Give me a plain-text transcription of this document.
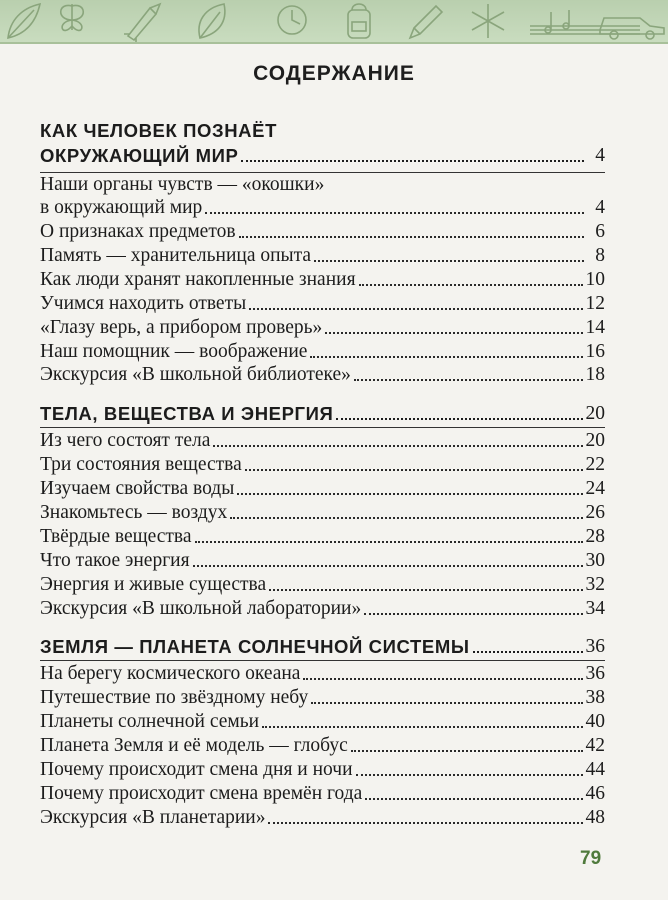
СОДЕРЖАНИЕ
КАК ЧЕЛОВЕК ПОЗНАЁТ
ОКРУЖАЮЩИЙ МИР	4
Наши органы чувств — «окошки»
в окружающий мир	4
О признаках предметов	6
Память — хранительница опыта	8
Как люди хранят накопленные знания	10
Учимся находить ответы	12
«Глазу верь, а прибором проверь»	14
Наш помощник — воображение	16
Экскурсия «В школьной библиотеке»	18
ТЕЛА, ВЕЩЕСТВА И ЭНЕРГИЯ	20
Из чего состоят тела	20
Три состояния вещества	22
Изучаем свойства воды	24
Знакомьтесь — воздух	26
Твёрдые вещества	28
Что такое энергия	30
Энергия и живые существа	32
Экскурсия «В школьной лаборатории»	34
ЗЕМЛЯ — ПЛАНЕТА СОЛНЕЧНОЙ СИСТЕМЫ	36
На берегу космического океана	36
Путешествие по звёздному небу	38
Планеты солнечной семьи	40
Планета Земля и её модель — глобус	42
Почему происходит смена дня и ночи	44
Почему происходит смена времён года	46
Экскурсия «В планетарии»	48
79
